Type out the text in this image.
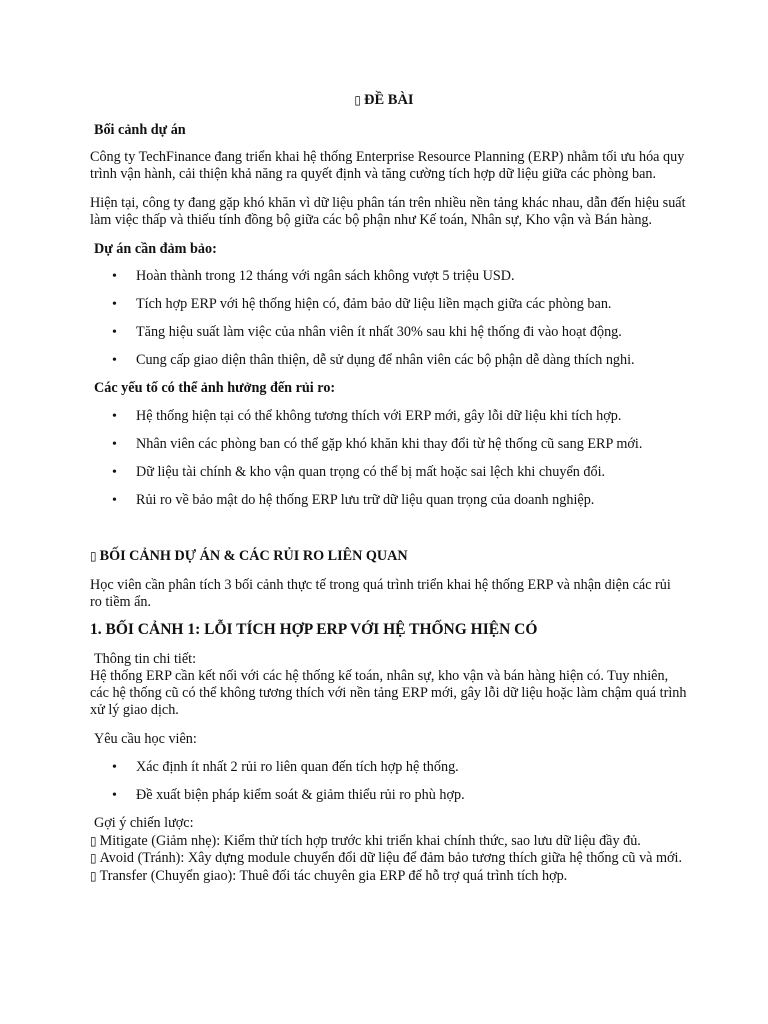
▯ ĐỀ BÀI
Bối cảnh dự án
Công ty TechFinance đang triển khai hệ thống Enterprise Resource Planning (ERP) nhằm tối ưu hóa quy trình vận hành, cải thiện khả năng ra quyết định và tăng cường tích hợp dữ liệu giữa các phòng ban.
Hiện tại, công ty đang gặp khó khăn vì dữ liệu phân tán trên nhiều nền tảng khác nhau, dẫn đến hiệu suất làm việc thấp và thiếu tính đồng bộ giữa các bộ phận như Kế toán, Nhân sự, Kho vận và Bán hàng.
Dự án cần đảm bảo:
• Hoàn thành trong 12 tháng với ngân sách không vượt 5 triệu USD.
• Tích hợp ERP với hệ thống hiện có, đảm bảo dữ liệu liền mạch giữa các phòng ban.
• Tăng hiệu suất làm việc của nhân viên ít nhất 30% sau khi hệ thống đi vào hoạt động.
• Cung cấp giao diện thân thiện, dễ sử dụng để nhân viên các bộ phận dễ dàng thích nghi.
Các yếu tố có thể ảnh hưởng đến rủi ro:
• Hệ thống hiện tại có thể không tương thích với ERP mới, gây lỗi dữ liệu khi tích hợp.
• Nhân viên các phòng ban có thể gặp khó khăn khi thay đổi từ hệ thống cũ sang ERP mới.
• Dữ liệu tài chính & kho vận quan trọng có thể bị mất hoặc sai lệch khi chuyển đổi.
• Rủi ro về bảo mật do hệ thống ERP lưu trữ dữ liệu quan trọng của doanh nghiệp.
▯ BỐI CẢNH DỰ ÁN & CÁC RỦI RO LIÊN QUAN
Học viên cần phân tích 3 bối cảnh thực tế trong quá trình triển khai hệ thống ERP và nhận diện các rủi ro tiềm ẩn.
1. BỐI CẢNH 1: LỖI TÍCH HỢP ERP VỚI HỆ THỐNG HIỆN CÓ
Thông tin chi tiết:
Hệ thống ERP cần kết nối với các hệ thống kế toán, nhân sự, kho vận và bán hàng hiện có. Tuy nhiên, các hệ thống cũ có thể không tương thích với nền tảng ERP mới, gây lỗi dữ liệu hoặc làm chậm quá trình xử lý giao dịch.
Yêu cầu học viên:
• Xác định ít nhất 2 rủi ro liên quan đến tích hợp hệ thống.
• Đề xuất biện pháp kiểm soát & giảm thiểu rủi ro phù hợp.
Gợi ý chiến lược:
▯ Mitigate (Giảm nhẹ): Kiểm thử tích hợp trước khi triển khai chính thức, sao lưu dữ liệu đầy đủ.
▯ Avoid (Tránh): Xây dựng module chuyển đổi dữ liệu để đảm bảo tương thích giữa hệ thống cũ và mới.
▯ Transfer (Chuyển giao): Thuê đối tác chuyên gia ERP để hỗ trợ quá trình tích hợp.
